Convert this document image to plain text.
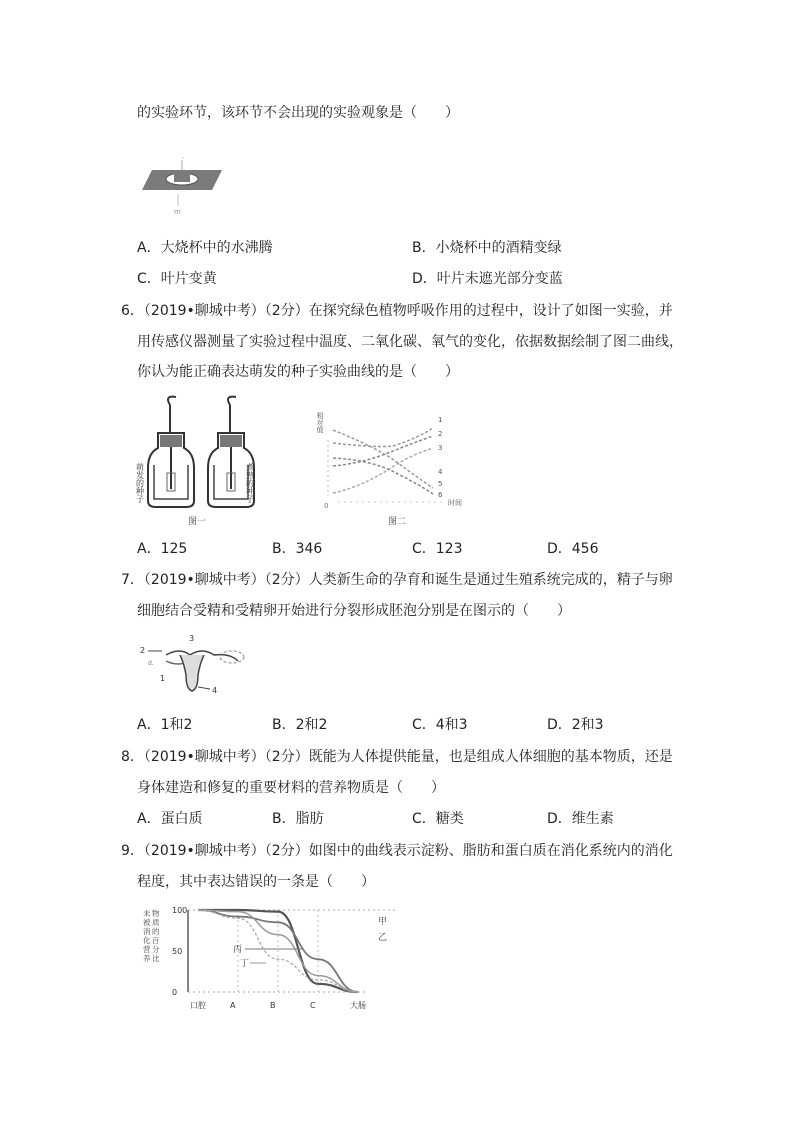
的实验环节，该环节不会出现的实验观象是（　　）
。
m
A．大烧杯中的水沸腾	B．小烧杯中的酒精变绿
C．叶片变黄	D．叶片未遮光部分变蓝
6．（2019•聊城中考）（2分）在探究绿色植物呼吸作用的过程中，设计了如图一实验，并
用传感仪器测量了实验过程中温度、二氧化碳、氧气的变化，依据数据绘制了图二曲线，
你认为能正确表达萌发的种子实验曲线的是（　　）
萌发的种子	煮熟的种子
图一
相对值
0	时间
1
2
3
4
5
6
图二
A．125	B．346	C．123	D．456
7．（2019•聊城中考）（2分）人类新生命的孕育和诞生是通过生殖系统完成的，精子与卵
细胞结合受精和受精卵开始进行分裂形成胚泡分别是在图示的（　　）
2
d.
1
3
4
A．1和2	B．2和2	C．4和3	D．2和3
8．（2019•聊城中考）（2分）既能为人体提供能量，也是组成人体细胞的基本物质，还是
身体建造和修复的重要材料的营养物质是（　　）
A．蛋白质	B．脂肪	C．糖类	D．维生素
9．（2019•聊城中考）（2分）如图中的曲线表示淀粉、脂肪和蛋白质在消化系统内的消化
程度，其中表达错误的一条是（　　）
未被消化营养物质的百分比
100
50
0
口腔	A	B	C	大肠
甲
乙
丙
丁
